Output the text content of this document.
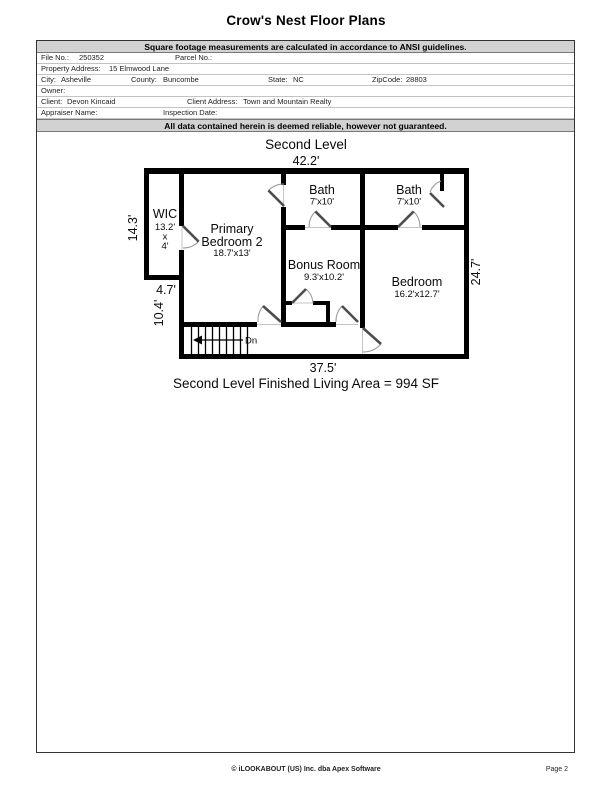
Crow's Nest Floor Plans
Square footage measurements are calculated in accordance to ANSI guidelines.
File No.: 250352	Parcel No.:
Property Address: 15 Elmwood Lane
City: Asheville	County: Buncombe	State: NC	ZipCode: 28803
Owner:
Client: Devon Kincaid	Client Address: Town and Mountain Realty
Appraiser Name:	Inspection Date:
All data contained herein is deemed reliable, however not guaranteed.
Second Level
42.2'
Dn
WIC
13.2'
x
4'
Primary
Bedroom 2
18.7'x13'
Bath
7'x10'
Bath
7'x10'
Bonus Room
9.3'x10.2'	Bedroom
16.2'x12.7'
37.5'
14.3'
4.7'
10.4'
24.7'
Second Level Finished Living Area = 994 SF
© iLOOKABOUT (US) Inc. dba Apex Software	Page 2
